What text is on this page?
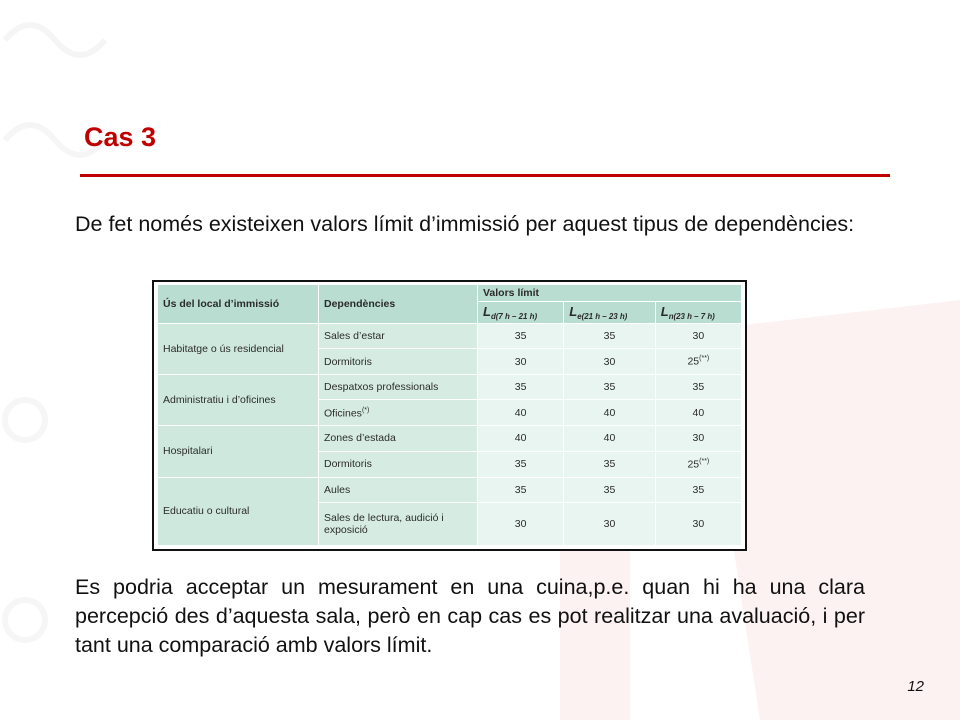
Cas 3
De fet només existeixen valors límit d’immissió per aquest tipus de dependències:
Ús del local d’immissió	Dependències	Valors límit		
		$L_{d(7 h - 21 h)}$	$L_{e(21 h - 23 h)}$	$L_{n(23 h - 7 h)}$
Habitatge o ús residencial	Sales d’estar	35	35	30
	Dormitoris	30	30	25(**)
Administratiu i d’oficines	Despatxos professionals	35	35	35
	Oficines(*)	40	40	40
Hospitalari	Zones d’estada	40	40	30
	Dormitoris	35	35	25(**)
Educatiu o cultural	Aules	35	35	35
	Sales de lectura, audició i exposició	30	30	30
Es podria acceptar un mesurament en una cuina,p.e. quan hi ha una clara percepció des d’aquesta sala, però en cap cas es pot realitzar una avaluació, i per tant una comparació amb valors límit.
12
